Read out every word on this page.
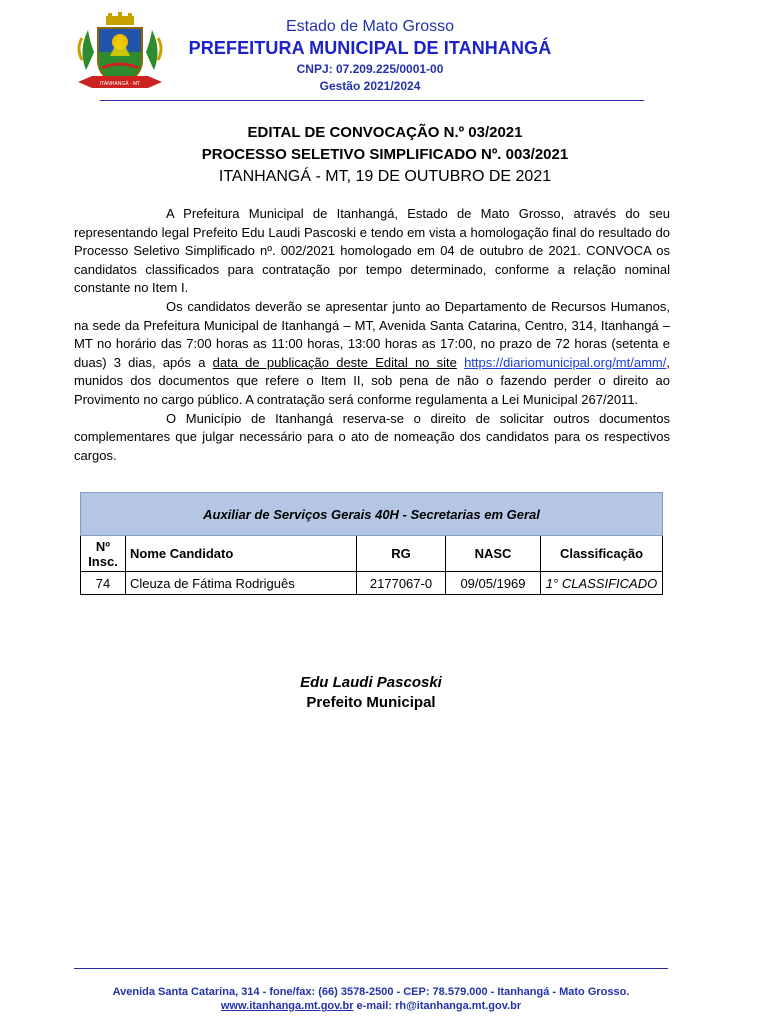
ITANHANGÁ - MT
Estado de Mato Grosso
PREFEITURA MUNICIPAL DE ITANHANGÁ
CNPJ: 07.209.225/0001-00
Gestão 2021/2024
EDITAL DE CONVOCAÇÃO N.º 03/2021
PROCESSO SELETIVO SIMPLIFICADO Nº. 003/2021
ITANHANGÁ - MT, 19 DE OUTUBRO DE 2021

A Prefeitura Municipal de Itanhangá, Estado de Mato Grosso, através do seu representando legal Prefeito Edu Laudi Pascoski e tendo em vista a homologação final do resultado do Processo Seletivo Simplificado nº. 002/2021 homologado em 04 de outubro de 2021. CONVOCA os candidatos classificados para contratação por tempo determinado, conforme a relação nominal constante no Item I.

Os candidatos deverão se apresentar junto ao Departamento de Recursos Humanos, na sede da Prefeitura Municipal de Itanhangá – MT, Avenida Santa Catarina, Centro, 314, Itanhangá – MT no horário das 7:00 horas as 11:00 horas, 13:00 horas as 17:00, no prazo de 72 horas (setenta e duas) 3 dias, após a data de publicação deste Edital no site https://diariomunicipal.org/mt/amm/, munidos dos documentos que refere o Item II, sob pena de não o fazendo perder o direito ao Provimento no cargo público. A contratação será conforme regulamenta a Lei Municipal 267/2011.

O Município de Itanhangá reserva-se o direito de solicitar outros documentos complementares que julgar necessário para o ato de nomeação dos candidatos para os respectivos cargos.

Auxiliar de Serviços Gerais 40H - Secretarias em Geral				
Nº Insc.	Nome Candidato	RG	NASC	Classificação
74	Cleuza de Fátima Rodriguês	2177067-0	09/05/1969	1° CLASSIFICADO
Edu Laudi Pascoski
Prefeito Municipal
Avenida Santa Catarina, 314 - fone/fax: (66) 3578-2500 - CEP: 78.579.000 - Itanhangá - Mato Grosso.
www.itanhanga.mt.gov.br e-mail: rh@itanhanga.mt.gov.br
